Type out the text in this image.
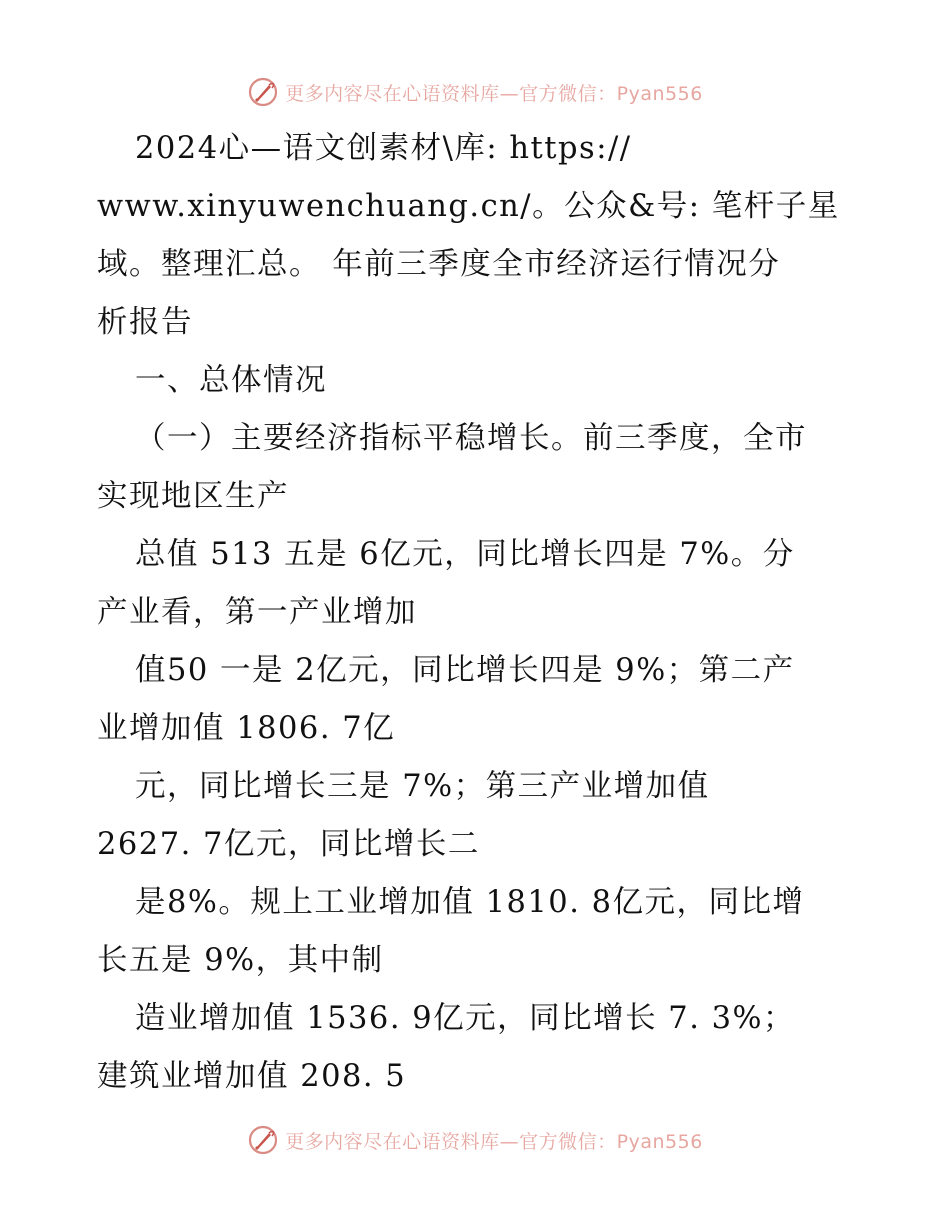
更多内容尽在心语资料库—官方微信：Pyan556
2024心—语文创素材\库: https://
www.xinyuwenchuang.cn/。公众&号: 笔杆子星
域。整理汇总。 年前三季度全市经济运行情况分
析报告
一、总体情况
（一）主要经济指标平稳增长。前三季度，全市
实现地区生产
总值 513 五是 6亿元，同比增长四是 7%。分
产业看，第一产业增加
值50 一是 2亿元，同比增长四是 9%；第二产
业增加值 1806. 7亿
元，同比增长三是 7%；第三产业增加值
2627. 7亿元，同比增长二
是8%。规上工业增加值 1810. 8亿元，同比增
长五是 9%，其中制
造业增加值 1536. 9亿元，同比增长 7. 3%；
建筑业增加值 208. 5
更多内容尽在心语资料库—官方微信：Pyan556
